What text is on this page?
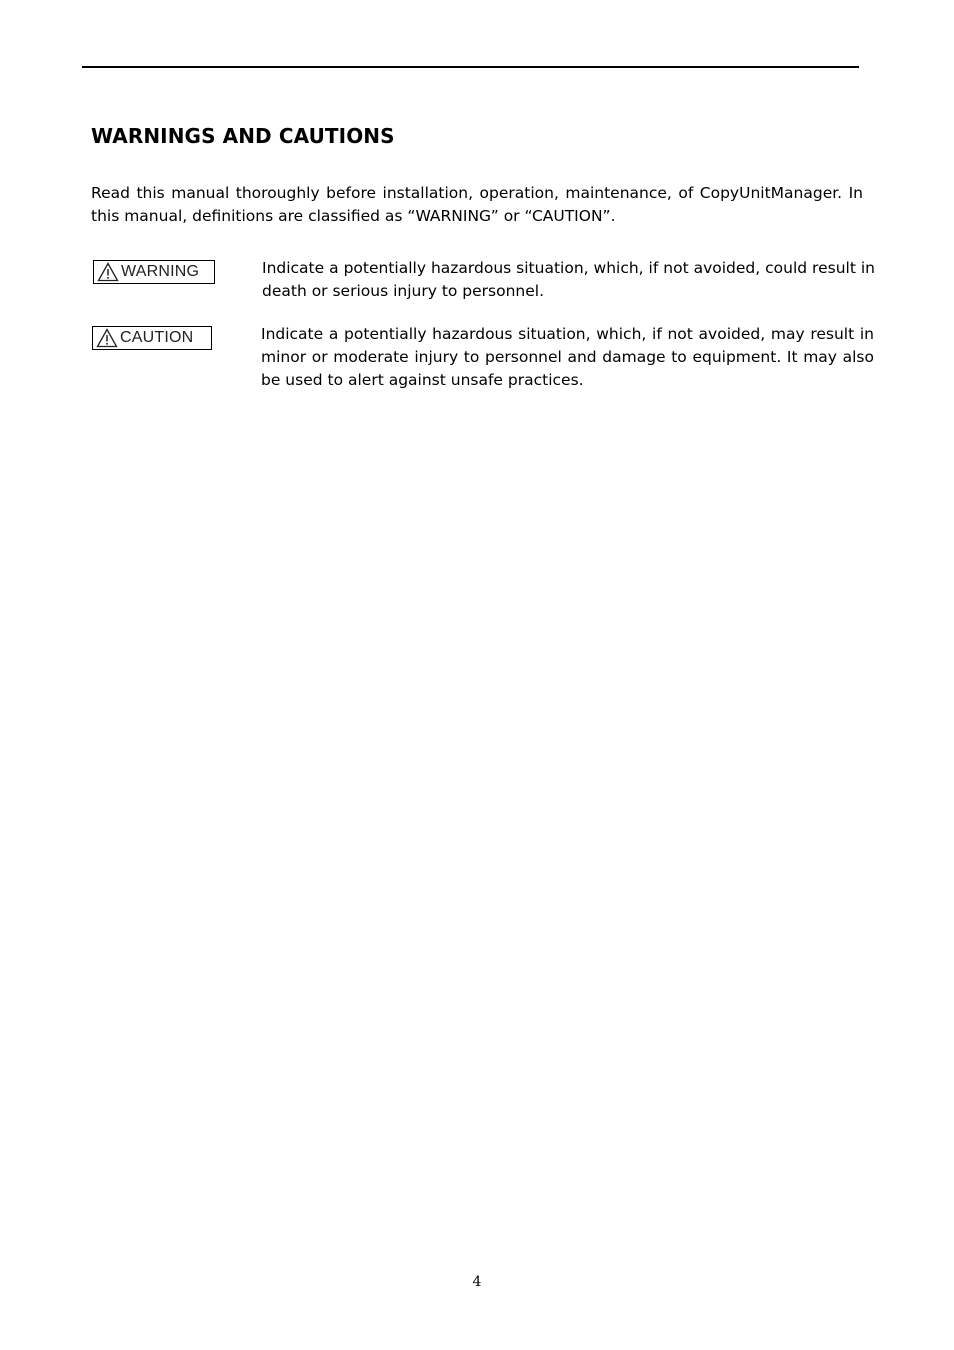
WARNINGS AND CAUTIONS

Read this manual thoroughly before installation, operation, maintenance, of CopyUnitManager. In this manual, definitions are classified as “WARNING” or “CAUTION”.

WARNING	Indicate a potentially hazardous situation, which, if not avoided, could result in death or serious injury to personnel.

CAUTION	Indicate a potentially hazardous situation, which, if not avoided, may result in minor or moderate injury to personnel and damage to equipment. It may also be used to alert against unsafe practices.

4
